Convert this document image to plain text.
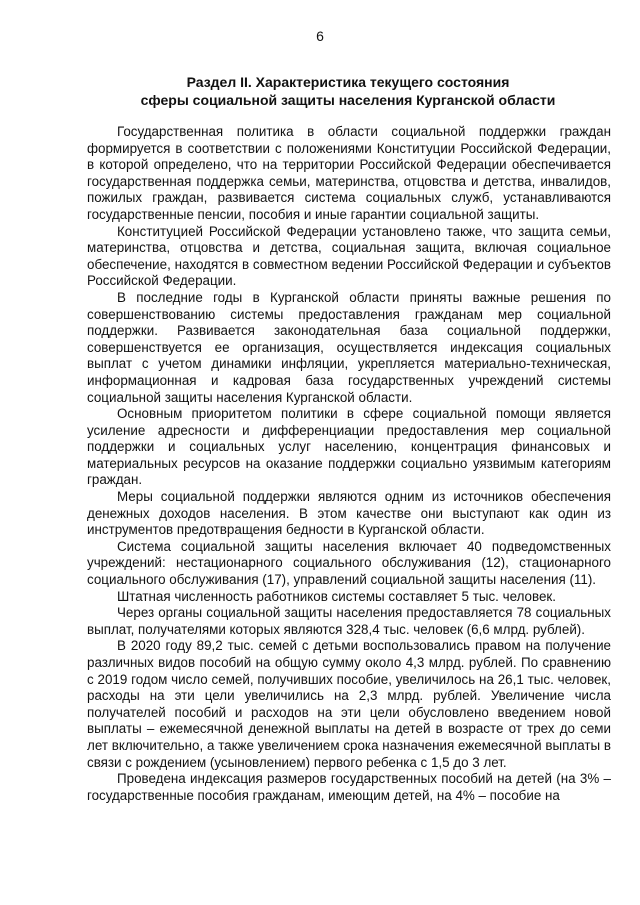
6
Раздел II. Характеристика текущего состояния
сферы социальной защиты населения Курганской области

Государственная политика в области социальной поддержки граждан формируется в соответствии с положениями Конституции Российской Федерации, в которой определено, что на территории Российской Федерации обеспечивается государственная поддержка семьи, материнства, отцовства и детства, инвалидов, пожилых граждан, развивается система социальных служб, устанавливаются государственные пенсии, пособия и иные гарантии социальной защиты.

Конституцией Российской Федерации установлено также, что защита семьи, материнства, отцовства и детства, социальная защита, включая социальное обеспечение, находятся в совместном ведении Российской Федерации и субъектов Российской Федерации.

В последние годы в Курганской области приняты важные решения по совершенствованию системы предоставления гражданам мер социальной поддержки. Развивается законодательная база социальной поддержки, совершенствуется ее организация, осуществляется индексация социальных выплат с учетом динамики инфляции, укрепляется материально-техническая, информационная и кадровая база государственных учреждений системы социальной защиты населения Курганской области.

Основным приоритетом политики в сфере социальной помощи является усиление адресности и дифференциации предоставления мер социальной поддержки и социальных услуг населению, концентрация финансовых и материальных ресурсов на оказание поддержки социально уязвимым категориям граждан.

Меры социальной поддержки являются одним из источников обеспечения денежных доходов населения. В этом качестве они выступают как один из инструментов предотвращения бедности в Курганской области.

Система социальной защиты населения включает 40 подведомственных учреждений: нестационарного социального обслуживания (12), стационарного социального обслуживания (17), управлений социальной защиты населения (11).

Штатная численность работников системы составляет 5 тыс. человек.

Через органы социальной защиты населения предоставляется 78 социальных выплат, получателями которых являются 328,4 тыс. человек (6,6 млрд. рублей).

В 2020 году 89,2 тыс. семей с детьми воспользовались правом на получение различных видов пособий на общую сумму около 4,3 млрд. рублей. По сравнению с 2019 годом число семей, получивших пособие, увеличилось на 26,1 тыс. человек, расходы на эти цели увеличились на 2,3 млрд. рублей. Увеличение числа получателей пособий и расходов на эти цели обусловлено введением новой выплаты – ежемесячной денежной выплаты на детей в возрасте от трех до семи лет включительно, а также увеличением срока назначения ежемесячной выплаты в связи с рождением (усыновлением) первого ребенка с 1,5 до 3 лет.

Проведена индексация размеров государственных пособий на детей (на 3% – государственные пособия гражданам, имеющим детей, на 4% – пособие на
